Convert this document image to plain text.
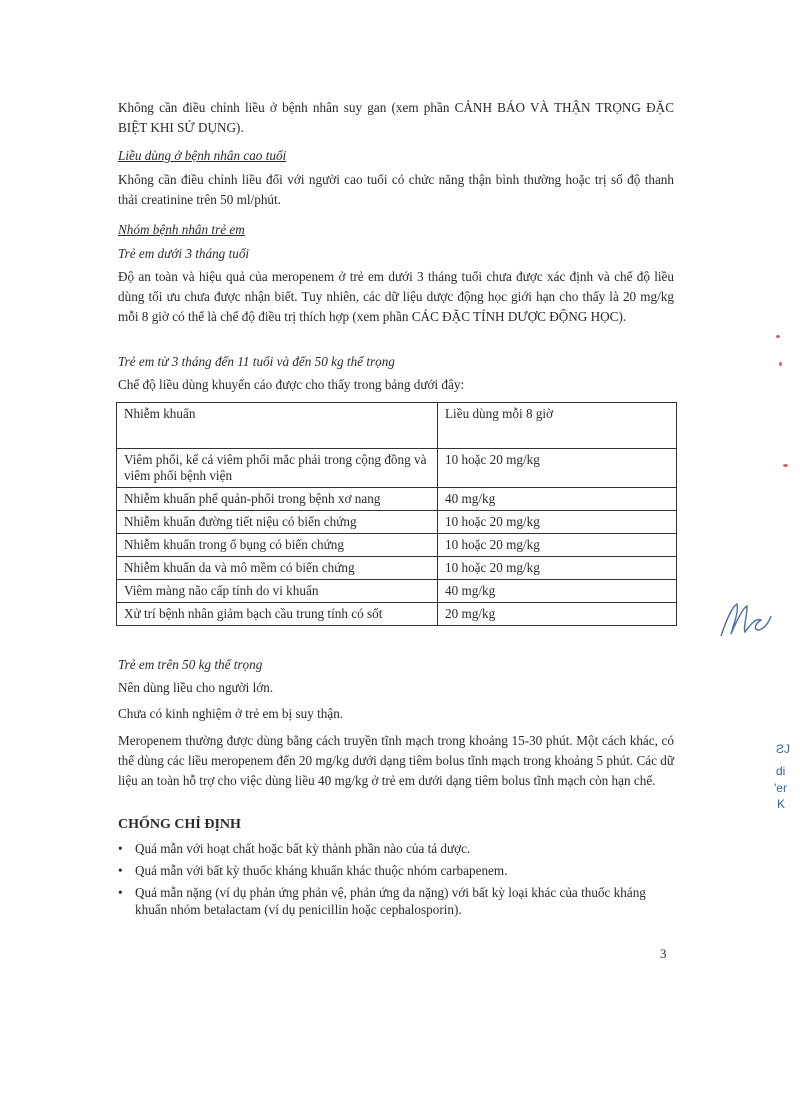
Không cần điều chỉnh liều ở bệnh nhân suy gan (xem phần CẢNH BÁO VÀ THẬN TRỌNG ĐẶC BIỆT KHI SỬ DỤNG).
Liều dùng ở bệnh nhân cao tuổi
Không cần điều chỉnh liều đối với người cao tuổi có chức năng thận bình thường hoặc trị số độ thanh thải creatinine trên 50 ml/phút.
Nhóm bệnh nhân trẻ em
Trẻ em dưới 3 tháng tuổi
Độ an toàn và hiệu quả của meropenem ở trẻ em dưới 3 tháng tuổi chưa được xác định và chế độ liều dùng tối ưu chưa được nhận biết. Tuy nhiên, các dữ liệu dược động học giới hạn cho thấy là 20 mg/kg mỗi 8 giờ có thể là chế độ điều trị thích hợp (xem phần CÁC ĐẶC TÍNH DƯỢC ĐỘNG HỌC).
Trẻ em từ 3 tháng đến 11 tuổi và đến 50 kg thể trọng
Chế độ liều dùng khuyến cáo được cho thấy trong bảng dưới đây:
Nhiễm khuẩn	Liều dùng mỗi 8 giờ
Viêm phổi, kể cả viêm phổi mắc phải trong cộng đồng và viêm phổi bệnh viện	10 hoặc 20 mg/kg
Nhiễm khuẩn phế quản-phổi trong bệnh xơ nang	40 mg/kg
Nhiễm khuẩn đường tiết niệu có biến chứng	10 hoặc 20 mg/kg
Nhiễm khuẩn trong ổ bụng có biến chứng	10 hoặc 20 mg/kg
Nhiễm khuẩn da và mô mềm có biến chứng	10 hoặc 20 mg/kg
Viêm màng não cấp tính do vi khuẩn	40 mg/kg
Xử trí bệnh nhân giảm bạch cầu trung tính có sốt	20 mg/kg
Trẻ em trên 50 kg thể trọng
Nên dùng liều cho người lớn.
Chưa có kinh nghiệm ở trẻ em bị suy thận.
Meropenem thường được dùng bằng cách truyền tĩnh mạch trong khoảng 15-30 phút. Một cách khác, có thể dùng các liều meropenem đến 20 mg/kg dưới dạng tiêm bolus tĩnh mạch trong khoảng 5 phút. Các dữ liệu an toàn hỗ trợ cho việc dùng liều 40 mg/kg ở trẻ em dưới dạng tiêm bolus tĩnh mạch còn hạn chế.
CHỐNG CHỈ ĐỊNH
• Quá mẫn với hoạt chất hoặc bất kỳ thành phần nào của tá dược.
• Quá mẫn với bất kỳ thuốc kháng khuẩn khác thuộc nhóm carbapenem.
• Quá mẫn nặng (ví dụ phản ứng phản vệ, phản ứng da nặng) với bất kỳ loại khác của thuốc kháng khuẩn nhóm betalactam (ví dụ penicillin hoặc cephalosporin).
3
ƧJ
di
'er
K
